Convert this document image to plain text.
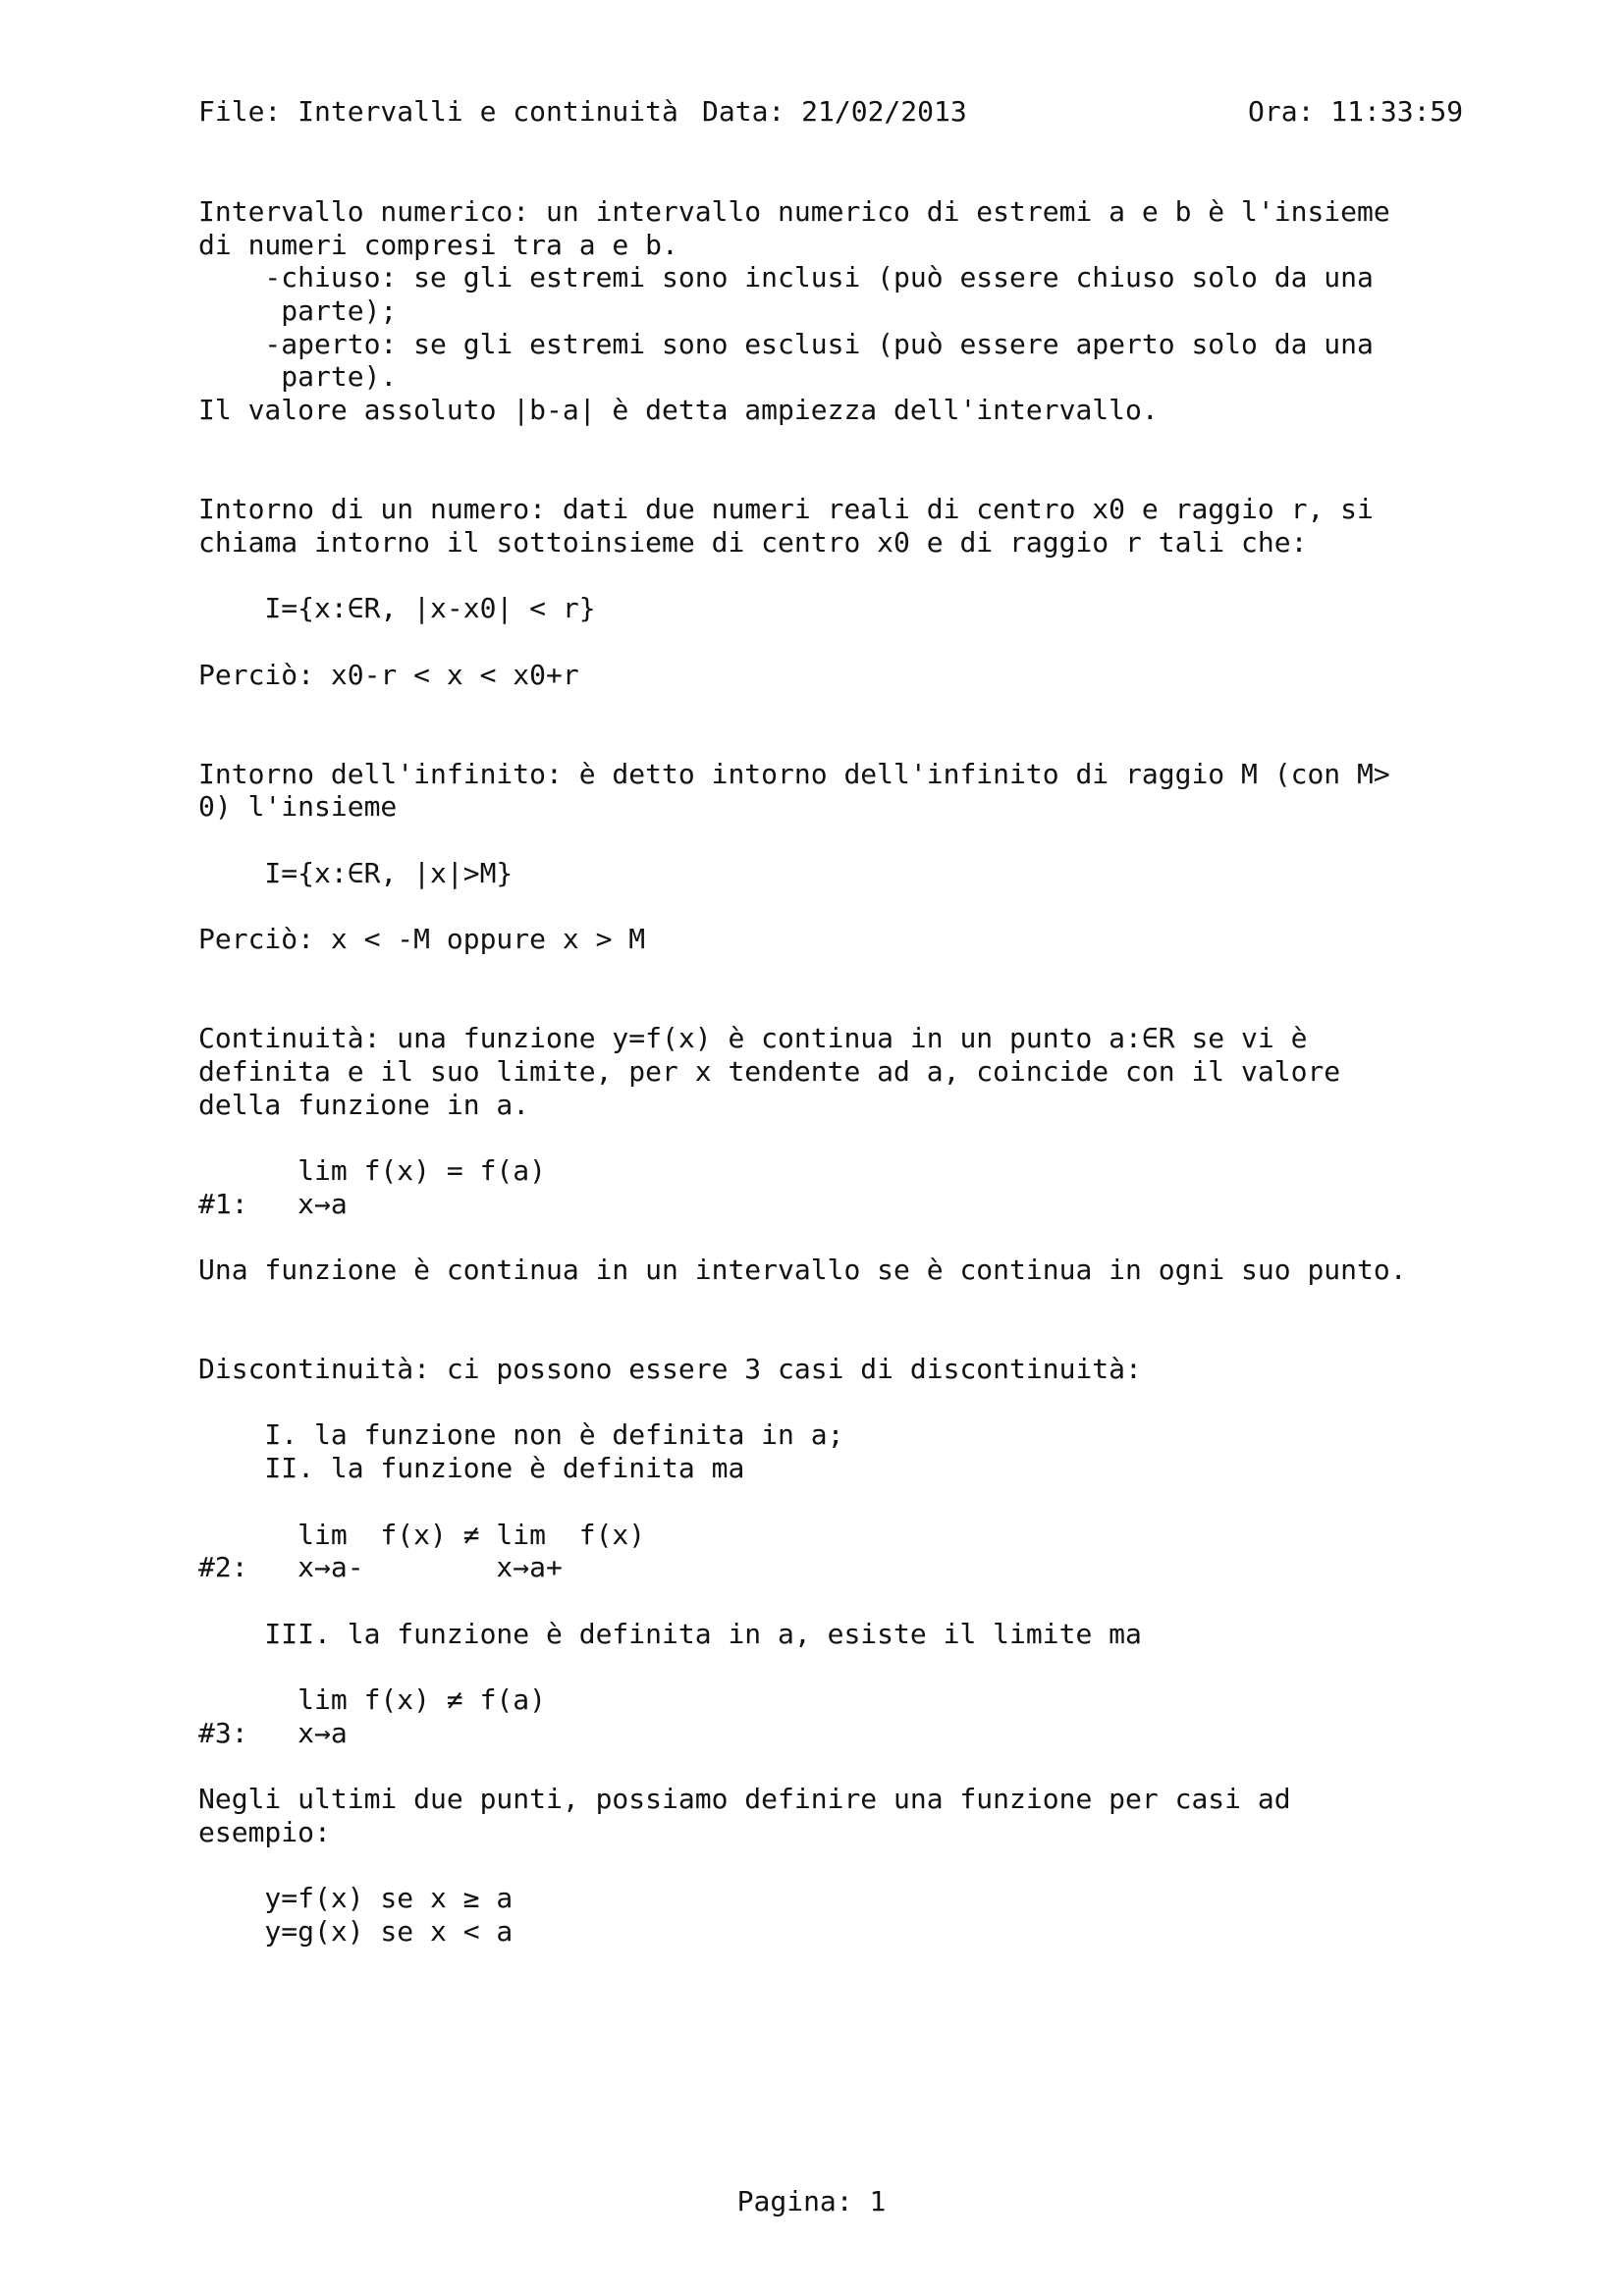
File: Intervalli e continuità Data: 21/02/2013	Ora: 11:33:59
Intervallo numerico: un intervallo numerico di estremi a e b è l'insieme
di numeri compresi tra a e b.
-chiuso: se gli estremi sono inclusi (può essere chiuso solo da una
parte);
-aperto: se gli estremi sono esclusi (può essere aperto solo da una
parte).
Il valore assoluto |b-a| è detta ampiezza dell'intervallo.
Intorno di un numero: dati due numeri reali di centro x0 e raggio r, si
chiama intorno il sottoinsieme di centro x0 e di raggio r tali che:
I={x:∈R, |x-x0| < r}
Perciò: x0-r < x < x0+r
Intorno dell'infinito: è detto intorno dell'infinito di raggio M (con M>
0) l'insieme
I={x:∈R, |x|>M}
Perciò: x < -M oppure x > M
Continuità: una funzione y=f(x) è continua in un punto a:∈R se vi è
definita e il suo limite, per x tendente ad a, coincide con il valore
della funzione in a.
lim f(x) = f(a)
#1:   x→a
Una funzione è continua in un intervallo se è continua in ogni suo punto.
Discontinuità: ci possono essere 3 casi di discontinuità:
I. la funzione non è definita in a;
II. la funzione è definita ma
lim  f(x) ≠ lim  f(x)
#2:   x→a-        x→a+
III. la funzione è definita in a, esiste il limite ma
lim f(x) ≠ f(a)
#3:   x→a
Negli ultimi due punti, possiamo definire una funzione per casi ad
esempio:
y=f(x) se x ≥ a
y=g(x) se x < a
Pagina: 1
